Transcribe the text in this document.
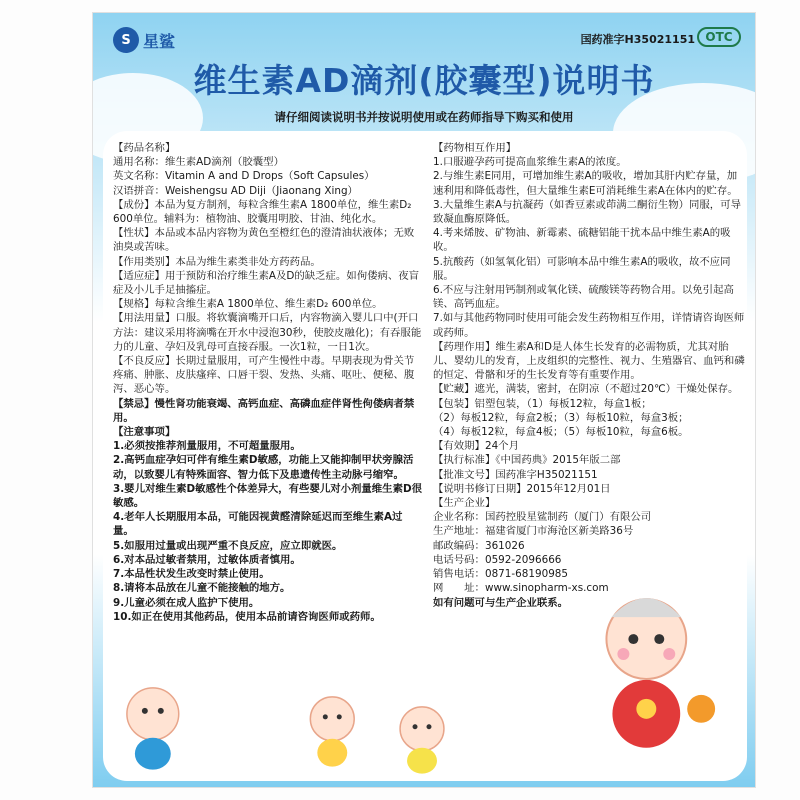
S 星鲨	国药准字H35021151 OTC
维生素AD滴剂(胶囊型)说明书
请仔细阅读说明书并按说明使用或在药师指导下购买和使用

【药品名称】

通用名称：维生素AD滴剂（胶囊型）

英文名称：Vitamin A and D Drops（Soft Capsules）

汉语拼音：Weishengsu AD Diji（Jiaonang Xing）

【成份】本品为复方制剂，每粒含维生素A 1800单位，维生素D₂ 600单位。辅料为：植物油、胶囊用明胶、甘油、纯化水。

【性状】本品或本品内容物为黄色至橙红色的澄清油状液体；无败油臭或苦味。

【作用类别】本品为维生素类非处方药药品。

【适应症】用于预防和治疗维生素A及D的缺乏症。如佝偻病、夜盲症及小儿手足抽搐症。

【规格】每粒含维生素A 1800单位、维生素D₂ 600单位。

【用法用量】口服。将软囊滴嘴开口后，内容物滴入婴儿口中(开口方法：建议采用将滴嘴在开水中浸泡30秒，使胶皮融化)；有吞服能力的儿童、孕妇及乳母可直接吞服。一次1粒，一日1次。

【不良反应】长期过量服用，可产生慢性中毒。早期表现为骨关节疼痛、肿胀、皮肤瘙痒、口唇干裂、发热、头痛、呕吐、便秘、腹泻、恶心等。

【禁忌】慢性肾功能衰竭、高钙血症、高磷血症伴肾性佝偻病者禁用。

【注意事项】

1.必须按推荐剂量服用，不可超量服用。

2.高钙血症孕妇可伴有维生素D敏感，功能上又能抑制甲状旁腺活动，以致婴儿有特殊面容、智力低下及患遗传性主动脉弓缩窄。

3.婴儿对维生素D敏感性个体差异大，有些婴儿对小剂量维生素D很敏感。

4.老年人长期服用本品，可能因视黄醛清除延迟而至维生素A过量。

5.如服用过量或出现严重不良反应，应立即就医。

6.对本品过敏者禁用，过敏体质者慎用。

7.本品性状发生改变时禁止使用。

8.请将本品放在儿童不能接触的地方。

9.儿童必须在成人监护下使用。

10.如正在使用其他药品，使用本品前请咨询医师或药师。

【药物相互作用】

1.口服避孕药可提高血浆维生素A的浓度。

2.与维生素E同用，可增加维生素A的吸收，增加其肝内贮存量，加速利用和降低毒性，但大量维生素E可消耗维生素A在体内的贮存。

3.大量维生素A与抗凝药（如香豆素或茚满二酮衍生物）同服，可导致凝血酶原降低。

4.考来烯胺、矿物油、新霉素、硫糖铝能干扰本品中维生素A的吸收。

5.抗酸药（如氢氧化铝）可影响本品中维生素A的吸收，故不应同服。

6.不应与注射用钙制剂或氧化镁、硫酸镁等药物合用。以免引起高镁、高钙血症。

7.如与其他药物同时使用可能会发生药物相互作用，详情请咨询医师或药师。

【药理作用】维生素A和D是人体生长发育的必需物质，尤其对胎儿、婴幼儿的发育，上皮组织的完整性、视力、生殖器官、血钙和磷的恒定、骨骼和牙的生长发育等有重要作用。

【贮藏】遮光，满装，密封，在阴凉（不超过20℃）干燥处保存。

【包装】铝塑包装，（1）每板12粒，每盒1板；

（2）每板12粒，每盒2板；（3）每板10粒，每盒3板；

（4）每板12粒，每盒4板；（5）每板10粒，每盒6板。

【有效期】24个月

【执行标准】《中国药典》2015年版二部

【批准文号】国药准字H35021151

【说明书修订日期】2015年12月01日

【生产企业】

企业名称：国药控股星鲨制药（厦门）有限公司

生产地址：福建省厦门市海沧区新美路36号

邮政编码：361026

电话号码：0592-2096666

销售电话：0871-68190985

网　　址：www.sinopharm-xs.com

如有问题可与生产企业联系。
